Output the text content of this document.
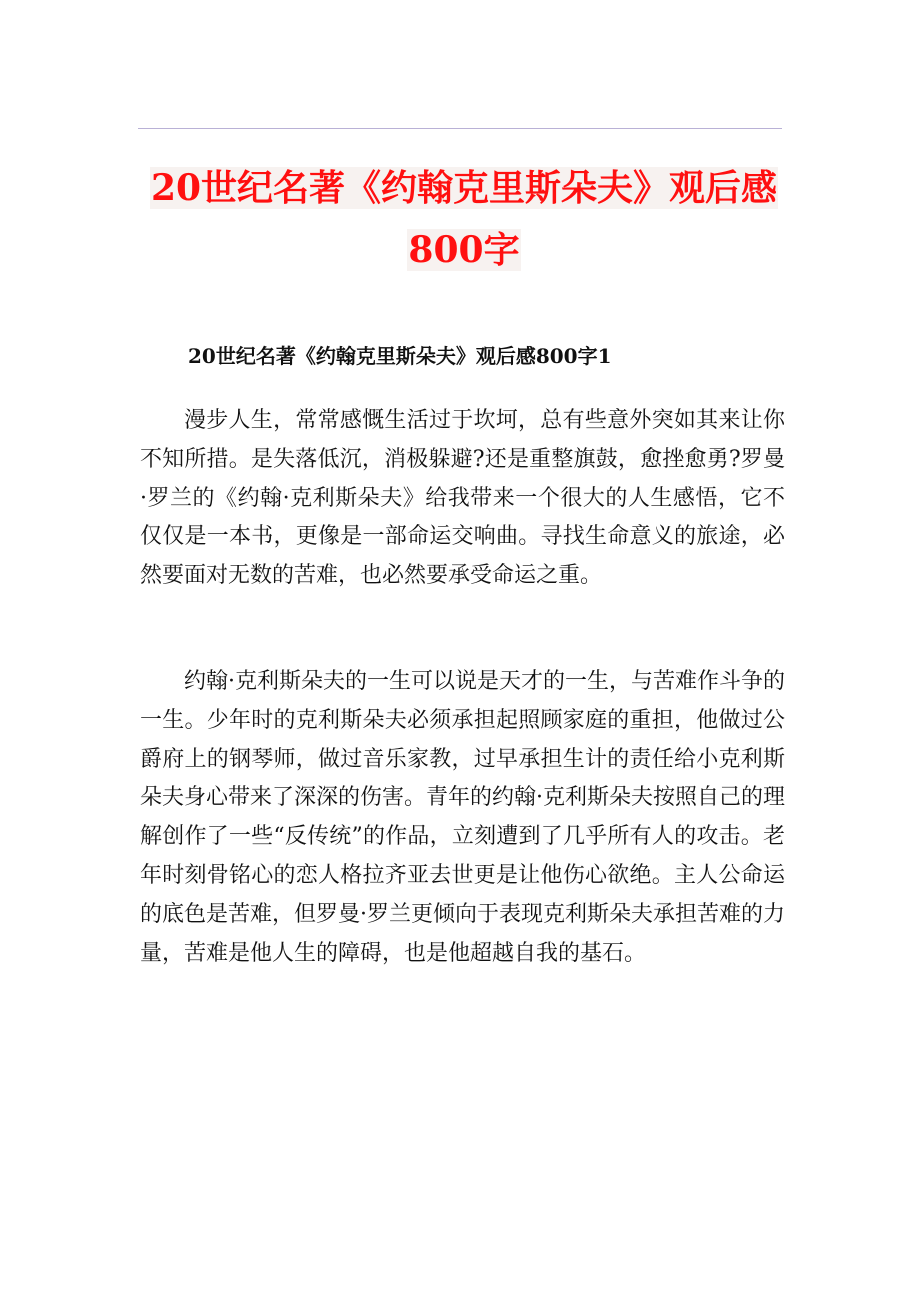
20世纪名著《约翰克里斯朵夫》观后感800字
20世纪名著《约翰克里斯朵夫》观后感800字1
漫步人生，常常感慨生活过于坎坷，总有些意外突如其来让你不知所措。是失落低沉，消极躲避?还是重整旗鼓，愈挫愈勇?罗曼·罗兰的《约翰·克利斯朵夫》给我带来一个很大的人生感悟，它不仅仅是一本书，更像是一部命运交响曲。寻找生命意义的旅途，必然要面对无数的苦难，也必然要承受命运之重。
约翰·克利斯朵夫的一生可以说是天才的一生，与苦难作斗争的一生。少年时的克利斯朵夫必须承担起照顾家庭的重担，他做过公爵府上的钢琴师，做过音乐家教，过早承担生计的责任给小克利斯朵夫身心带来了深深的伤害。青年的约翰·克利斯朵夫按照自己的理解创作了一些“反传统”的作品，立刻遭到了几乎所有人的攻击。老年时刻骨铭心的恋人格拉齐亚去世更是让他伤心欲绝。主人公命运的底色是苦难，但罗曼·罗兰更倾向于表现克利斯朵夫承担苦难的力量，苦难是他人生的障碍，也是他超越自我的基石。
